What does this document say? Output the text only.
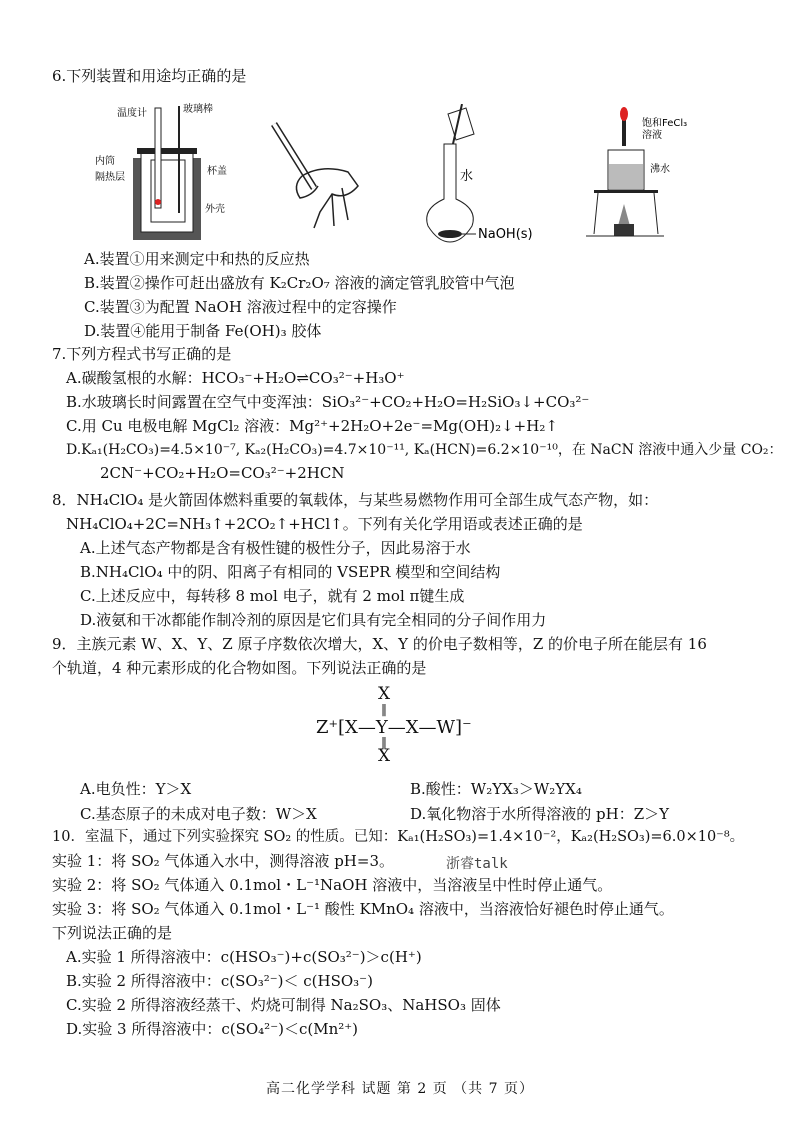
6.下列装置和用途均正确的是
温度计	玻璃棒
内筒
隔热层
杯盖
外壳
水
NaOH(s)
饱和FeCl₃
溶液
沸水
A.装置①用来测定中和热的反应热
B.装置②操作可赶出盛放有 K₂Cr₂O₇ 溶液的滴定管乳胶管中气泡
C.装置③为配置 NaOH 溶液过程中的定容操作
D.装置④能用于制备 Fe(OH)₃ 胶体
7.下列方程式书写正确的是
A.碳酸氢根的水解：HCO₃⁻+H₂O⇌CO₃²⁻+H₃O⁺
B.水玻璃长时间露置在空气中变浑浊：SiO₃²⁻+CO₂+H₂O=H₂SiO₃↓+CO₃²⁻
C.用 Cu 电极电解 MgCl₂ 溶液：Mg²⁺+2H₂O+2e⁻=Mg(OH)₂↓+H₂↑
D.Kₐ₁(H₂CO₃)=4.5×10⁻⁷, Kₐ₂(H₂CO₃)=4.7×10⁻¹¹, Kₐ(HCN)=6.2×10⁻¹⁰，在 NaCN 溶液中通入少量 CO₂：
2CN⁻+CO₂+H₂O=CO₃²⁻+2HCN
8．NH₄ClO₄ 是火箭固体燃料重要的氧载体，与某些易燃物作用可全部生成气态产物，如：
NH₄ClO₄+2C=NH₃↑+2CO₂↑+HCl↑。下列有关化学用语或表述正确的是
A.上述气态产物都是含有极性键的极性分子，因此易溶于水
B.NH₄ClO₄ 中的阴、阳离子有相同的 VSEPR 模型和空间结构
C.上述反应中，每转移 8 mol 电子，就有 2 mol π键生成
D.液氨和干冰都能作制冷剂的原因是它们具有完全相同的分子间作用力
9．主族元素 W、X、Y、Z 原子序数依次增大，X、Y 的价电子数相等，Z 的价电子所在能层有 16
个轨道，4 种元素形成的化合物如图。下列说法正确的是
X
‖
Z⁺[X—Y—X—W]⁻
‖
X
A.电负性：Y＞X	B.酸性：W₂YX₃＞W₂YX₄
C.基态原子的未成对电子数：W＞X	D.氧化物溶于水所得溶液的 pH：Z＞Y
10．室温下，通过下列实验探究 SO₂ 的性质。已知：Kₐ₁(H₂SO₃)=1.4×10⁻²，Kₐ₂(H₂SO₃)=6.0×10⁻⁸。
实验 1：将 SO₂ 气体通入水中，测得溶液 pH=3。	浙睿talk
实验 2：将 SO₂ 气体通入 0.1mol・L⁻¹NaOH 溶液中，当溶液呈中性时停止通气。
实验 3：将 SO₂ 气体通入 0.1mol・L⁻¹ 酸性 KMnO₄ 溶液中，当溶液恰好褪色时停止通气。
下列说法正确的是
A.实验 1 所得溶液中：c(HSO₃⁻)+c(SO₃²⁻)＞c(H⁺)
B.实验 2 所得溶液中：c(SO₃²⁻)＜ c(HSO₃⁻)
C.实验 2 所得溶液经蒸干、灼烧可制得 Na₂SO₃、NaHSO₃ 固体
D.实验 3 所得溶液中：c(SO₄²⁻)＜c(Mn²⁺)
高二化学学科 试题 第 2 页 （共 7 页）
